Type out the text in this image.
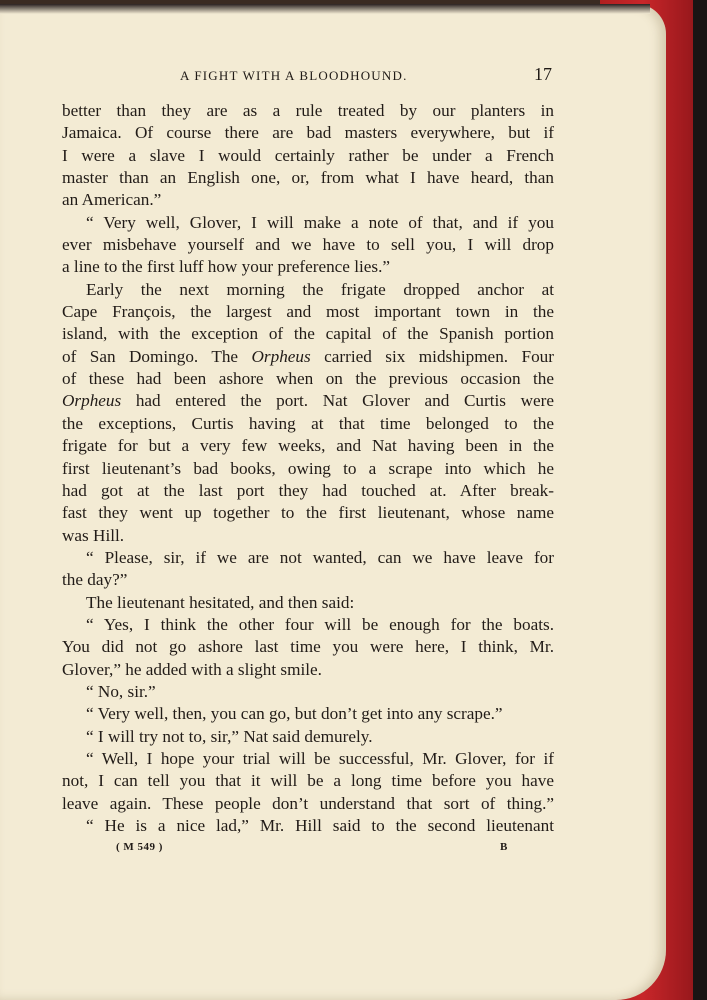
A FIGHT WITH A BLOODHOUND.	17
better than they are as a rule treated by our planters in
Jamaica. Of course there are bad masters everywhere, but if
I were a slave I would certainly rather be under a French
master than an English one, or, from what I have heard, than
an American.”
“ Very well, Glover, I will make a note of that, and if you
ever misbehave yourself and we have to sell you, I will drop
a line to the first luff how your preference lies.”
Early the next morning the frigate dropped anchor at
Cape François, the largest and most important town in the
island, with the exception of the capital of the Spanish portion
of San Domingo. The Orpheus carried six midshipmen. Four
of these had been ashore when on the previous occasion the
Orpheus had entered the port. Nat Glover and Curtis were
the exceptions, Curtis having at that time belonged to the
frigate for but a very few weeks, and Nat having been in the
first lieutenant’s bad books, owing to a scrape into which he
had got at the last port they had touched at. After break-
fast they went up together to the first lieutenant, whose name
was Hill.
“ Please, sir, if we are not wanted, can we have leave for
the day?”
The lieutenant hesitated, and then said:
“ Yes, I think the other four will be enough for the boats.
You did not go ashore last time you were here, I think, Mr.
Glover,” he added with a slight smile.
“ No, sir.”
“ Very well, then, you can go, but don’t get into any scrape.”
“ I will try not to, sir,” Nat said demurely.
“ Well, I hope your trial will be successful, Mr. Glover, for if
not, I can tell you that it will be a long time before you have
leave again. These people don’t understand that sort of thing.”
“ He is a nice lad,” Mr. Hill said to the second lieutenant
( M 549 )	B
